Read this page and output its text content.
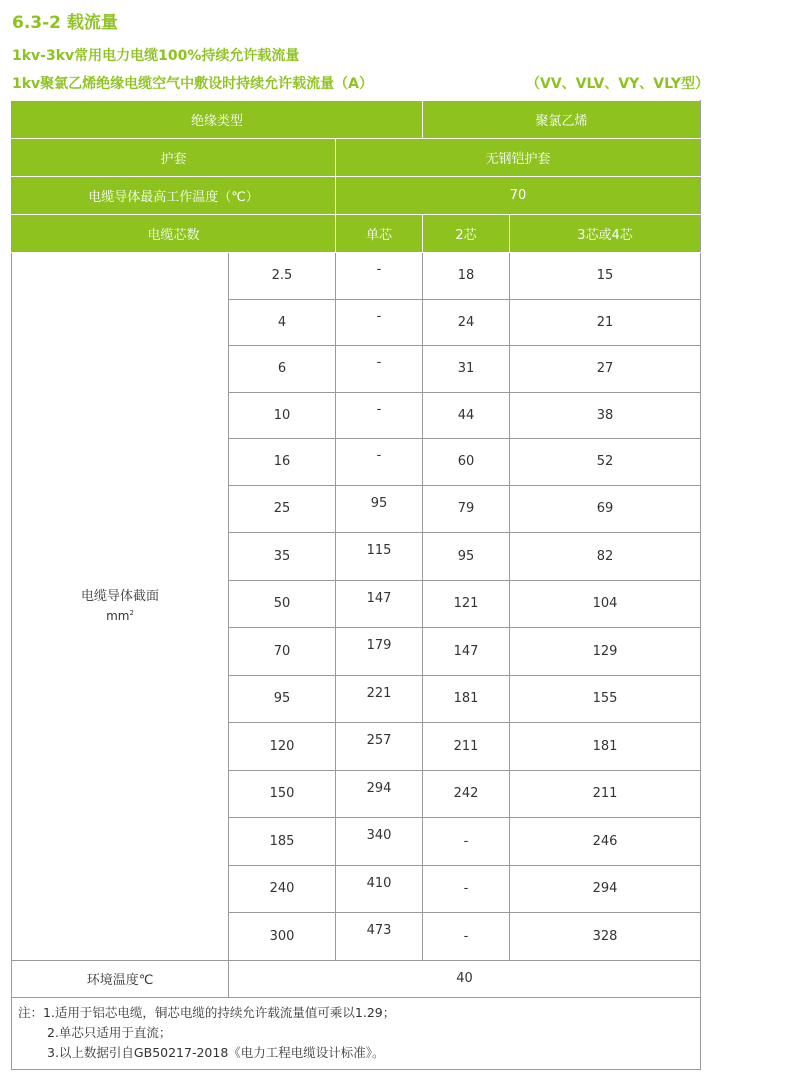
6.3-2 载流量
1kv-3kv常用电力电缆100%持续允许载流量
1kv聚氯乙烯绝缘电缆空气中敷设时持续允许载流量（A）	（VV、VLV、VY、VLY型）
绝缘类型			聚氯乙烯	
护套		无钢铠护套		
电缆导体最高工作温度（℃）		70		
电缆芯数		单芯	2芯	3芯或4芯

电缆导体截面
$mm^2$	2.5	-	18	15
	4	-	24	21
	6	-	31	27
	10	-	44	38
	16	-	60	52
	25	95	79	69
	35	115	95	82
	50	147	121	104
	70	179	147	129
	95	221	181	155
	120	257	211	181
	150	294	242	211
	185	340	-	246
	240	410	-	294
	300	473	-	328
环境温度℃	40			

注：1.适用于铝芯电缆，铜芯电缆的持续允许载流量值可乘以1.29；
2.单芯只适用于直流；
3.以上数据引自GB50217-2018《电力工程电缆设计标准》。				
